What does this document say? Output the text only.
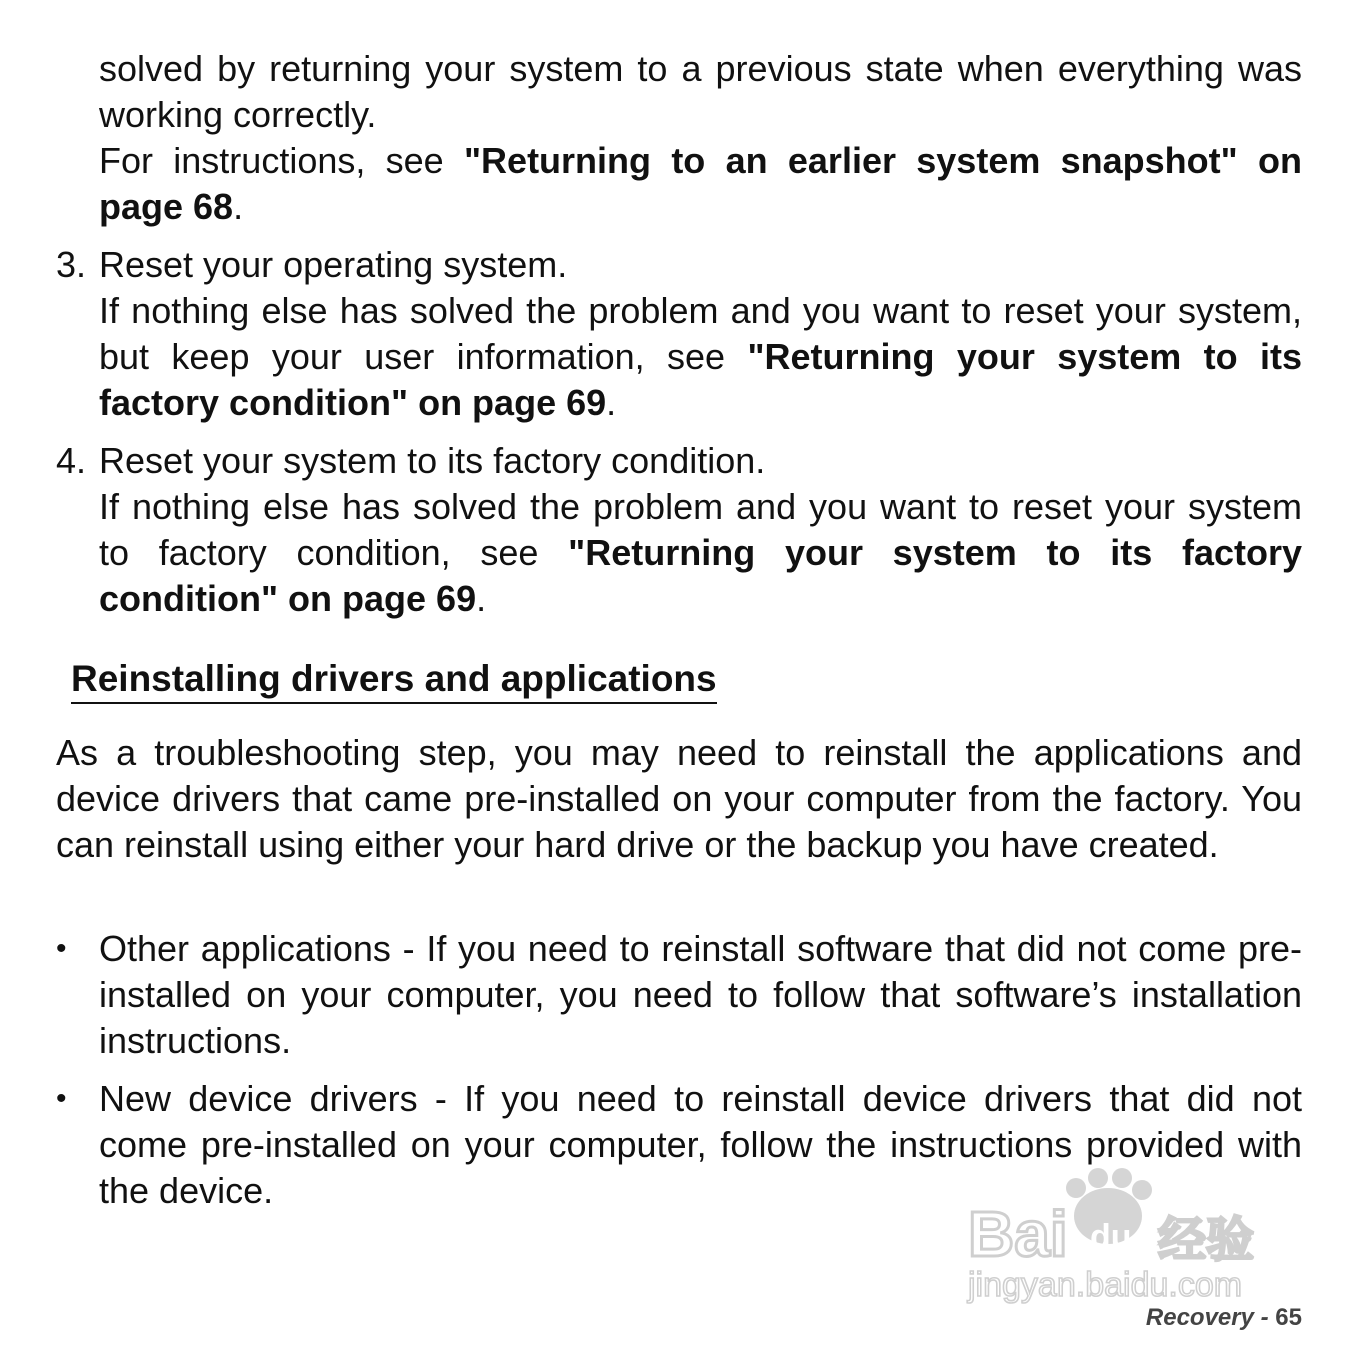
solved by returning your system to a previous state when everything was working correctly.

For instructions, see "Returning to an earlier system snapshot" on page 68.

3. Reset your operating system.

If nothing else has solved the problem and you want to reset your system, but keep your user information, see "Returning your system to its factory condition" on page 69.

4. Reset your system to its factory condition.

If nothing else has solved the problem and you want to reset your system to factory condition, see "Returning your system to its factory condition" on page 69.

Reinstalling drivers and applications

As a troubleshooting step, you may need to reinstall the applications and device drivers that came pre-installed on your computer from the factory. You can reinstall using either your hard drive or the backup you have created.

• Other applications - If you need to reinstall software that did not come pre-installed on your computer, you need to follow that software’s installation instructions.

• New device drivers - If you need to reinstall device drivers that did not come pre-installed on your computer, follow the instructions provided with the device.

Bai du 经验
jingyan.baidu.com
Recovery - 65
